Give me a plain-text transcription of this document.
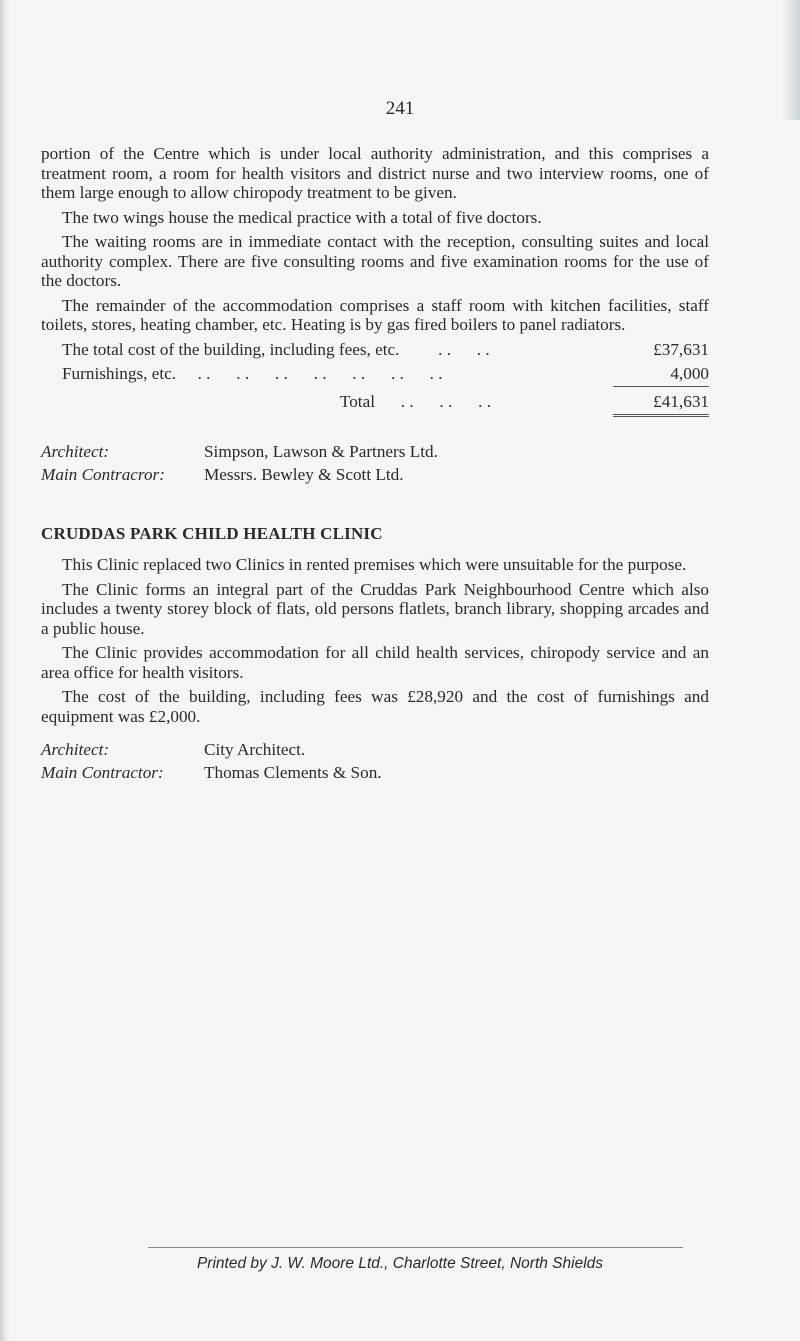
241

portion of the Centre which is under local authority administration, and this comprises a treatment room, a room for health visitors and district nurse and two interview rooms, one of them large enough to allow chiropody treatment to be given.

The two wings house the medical practice with a total of five doctors.

The waiting rooms are in immediate contact with the reception, consulting suites and local authority complex. There are five consulting rooms and five examination rooms for the use of the doctors.

The remainder of the accommodation comprises a staff room with kitchen facilities, staff toilets, stores, heating chamber, etc. Heating is by gas fired boilers to panel radiators.

The total cost of the building, including fees, etc.         . .      . .	£37,631
Furnishings, etc.     . .      . .      . .      . .      . .      . .      . .	4,000
Total      . .      . .      . .	£41,631
Architect:	Simpson, Lawson & Partners Ltd.
Main Contracror:	Messrs. Bewley & Scott Ltd.
CRUDDAS PARK CHILD HEALTH CLINIC

This Clinic replaced two Clinics in rented premises which were unsuitable for the purpose.

The Clinic forms an integral part of the Cruddas Park Neighbourhood Centre which also includes a twenty storey block of flats, old persons flatlets, branch library, shopping arcades and a public house.

The Clinic provides accommodation for all child health services, chiropody service and an area office for health visitors.

The cost of the building, including fees was £28,920 and the cost of furnishings and equipment was £2,000.

Architect:	City Architect.
Main Contractor:	Thomas Clements & Son.
Printed by J. W. Moore Ltd., Charlotte Street, North Shields
